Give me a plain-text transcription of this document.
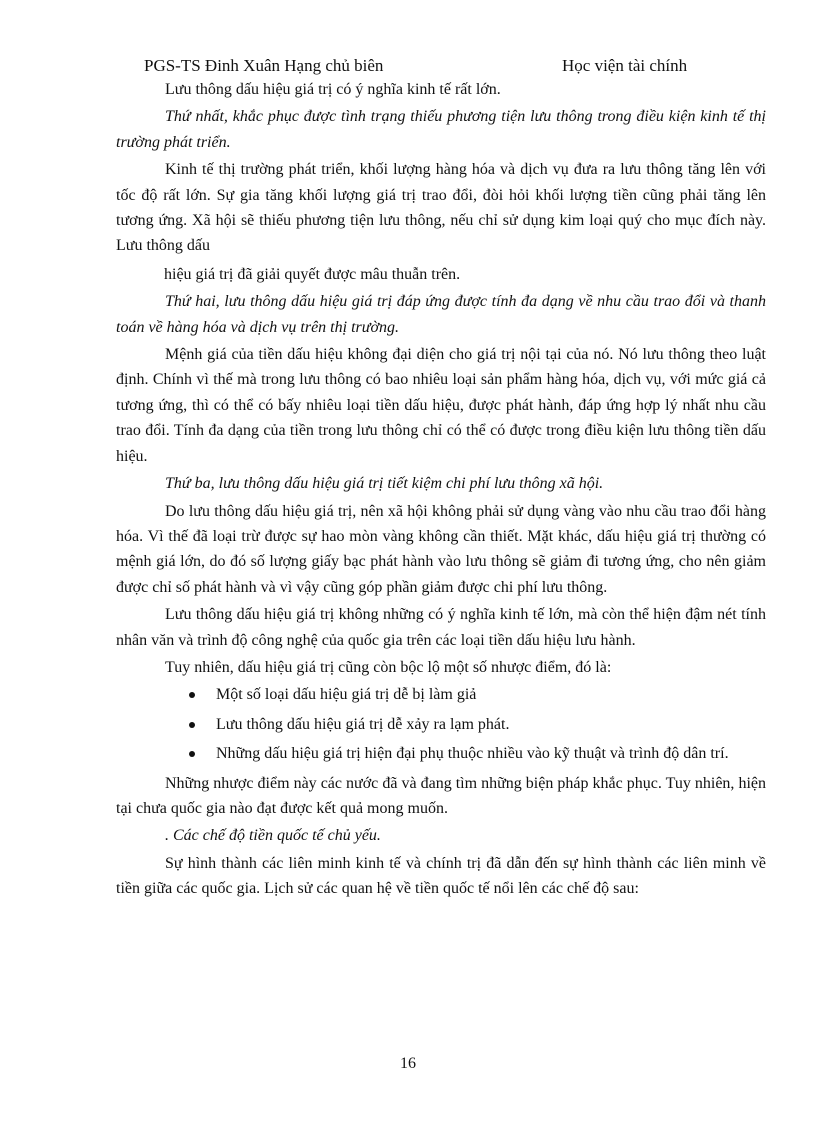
PGS-TS Đinh Xuân Hạng chủ biên	Học viện tài chính

Lưu thông dấu hiệu giá trị có ý nghĩa kinh tế rất lớn.

Thứ nhất, khắc phục được tình trạng thiếu phương tiện lưu thông trong điều kiện kinh tế thị trường phát triển.

Kinh tế thị trường phát triển, khối lượng hàng hóa và dịch vụ đưa ra lưu thông tăng lên với tốc độ rất lớn. Sự gia tăng khối lượng giá trị trao đổi, đòi hỏi khối lượng tiền cũng phải tăng lên tương ứng. Xã hội sẽ thiếu phương tiện lưu thông, nếu chỉ sử dụng kim loại quý cho mục đích này. Lưu thông dấu

hiệu giá trị đã giải quyết được mâu thuẫn trên.

Thứ hai, lưu thông dấu hiệu giá trị đáp ứng được tính đa dạng về nhu cầu trao đổi và thanh toán về hàng hóa và dịch vụ trên thị trường.

Mệnh giá của tiền dấu hiệu không đại diện cho giá trị nội tại của nó. Nó lưu thông theo luật định. Chính vì thế mà trong lưu thông có bao nhiêu loại sản phẩm hàng hóa, dịch vụ, với mức giá cả tương ứng, thì có thể có bấy nhiêu loại tiền dấu hiệu, được phát hành, đáp ứng hợp lý nhất nhu cầu trao đổi. Tính đa dạng của tiền trong lưu thông chỉ có thể có được trong điều kiện lưu thông tiền dấu hiệu.

Thứ ba, lưu thông dấu hiệu giá trị tiết kiệm chi phí lưu thông xã hội.

Do lưu thông dấu hiệu giá trị, nên xã hội không phải sử dụng vàng vào nhu cầu trao đổi hàng hóa. Vì thế đã loại trừ được sự hao mòn vàng không cần thiết. Mặt khác, dấu hiệu giá trị thường có mệnh giá lớn, do đó số lượng giấy bạc phát hành vào lưu thông sẽ giảm đi tương ứng, cho nên giảm được chỉ số phát hành và vì vậy cũng góp phần giảm được chi phí lưu thông.

Lưu thông dấu hiệu giá trị không những có ý nghĩa kinh tế lớn, mà còn thể hiện đậm nét tính nhân văn và trình độ công nghệ của quốc gia trên các loại tiền dấu hiệu lưu hành.

Tuy nhiên, dấu hiệu giá trị cũng còn bộc lộ một số nhược điểm, đó là:

Một số loại dấu hiệu giá trị dễ bị làm giả
Lưu thông dấu hiệu giá trị dễ xảy ra lạm phát.
Những dấu hiệu giá trị hiện đại phụ thuộc nhiều vào kỹ thuật và trình độ dân trí.

Những nhược điểm này các nước đã và đang tìm những biện pháp khắc phục. Tuy nhiên, hiện tại chưa quốc gia nào đạt được kết quả mong muốn.

. Các chế độ tiền quốc tế chủ yếu.

Sự hình thành các liên minh kinh tế và chính trị đã dẫn đến sự hình thành các liên minh về tiền giữa các quốc gia. Lịch sử các quan hệ về tiền quốc tế nổi lên các chế độ sau:

16
